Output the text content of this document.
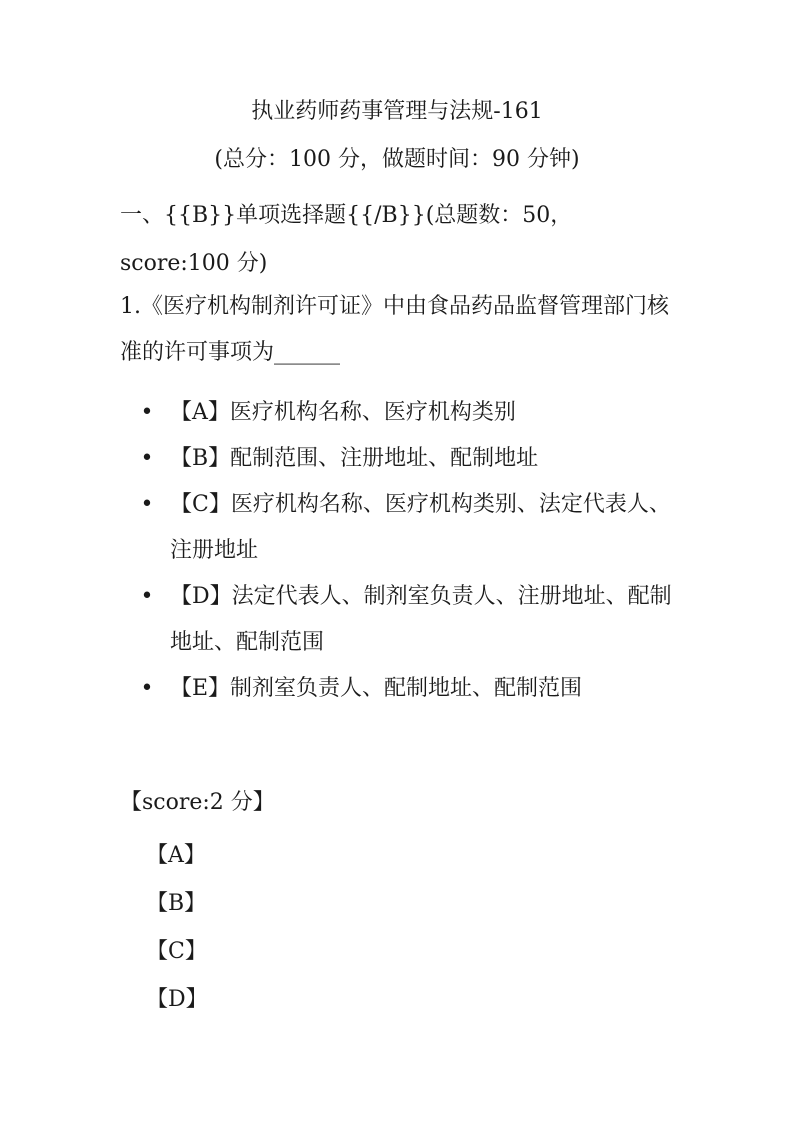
执业药师药事管理与法规-161
(总分：100 分，做题时间：90 分钟)
一、{{B}}单项选择题{{/B}}(总题数：50，score:100 分)
1.《医疗机构制剂许可证》中由食品药品监督管理部门核准的许可事项为______
• 【A】医疗机构名称、医疗机构类别
• 【B】配制范围、注册地址、配制地址
• 【C】医疗机构名称、医疗机构类别、法定代表人、注册地址
• 【D】法定代表人、制剂室负责人、注册地址、配制地址、配制范围
• 【E】制剂室负责人、配制地址、配制范围
【score:2 分】
【A】
【B】
【C】
【D】
